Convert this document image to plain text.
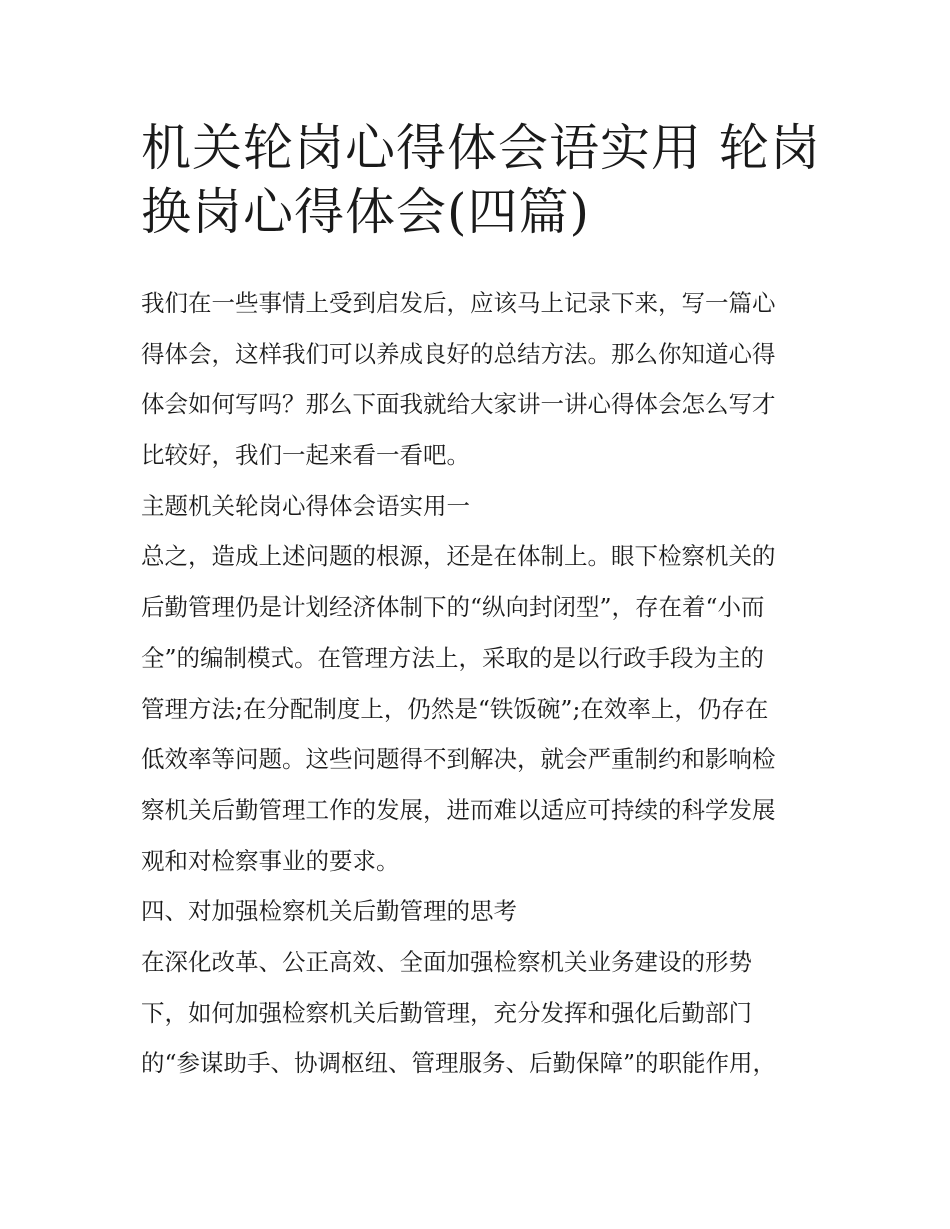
机关轮岗心得体会语实用 轮岗
换岗心得体会(四篇)
我们在一些事情上受到启发后，应该马上记录下来，写一篇心
得体会，这样我们可以养成良好的总结方法。那么你知道心得
体会如何写吗？那么下面我就给大家讲一讲心得体会怎么写才
比较好，我们一起来看一看吧。
主题机关轮岗心得体会语实用一
总之，造成上述问题的根源，还是在体制上。眼下检察机关的
后勤管理仍是计划经济体制下的“纵向封闭型”，存在着“小而
全”的编制模式。在管理方法上，采取的是以行政手段为主的
管理方法;在分配制度上，仍然是“铁饭碗”;在效率上，仍存在
低效率等问题。这些问题得不到解决，就会严重制约和影响检
察机关后勤管理工作的发展，进而难以适应可持续的科学发展
观和对检察事业的要求。
四、对加强检察机关后勤管理的思考
在深化改革、公正高效、全面加强检察机关业务建设的形势
下，如何加强检察机关后勤管理，充分发挥和强化后勤部门
的“参谋助手、协调枢纽、管理服务、后勤保障”的职能作用，
